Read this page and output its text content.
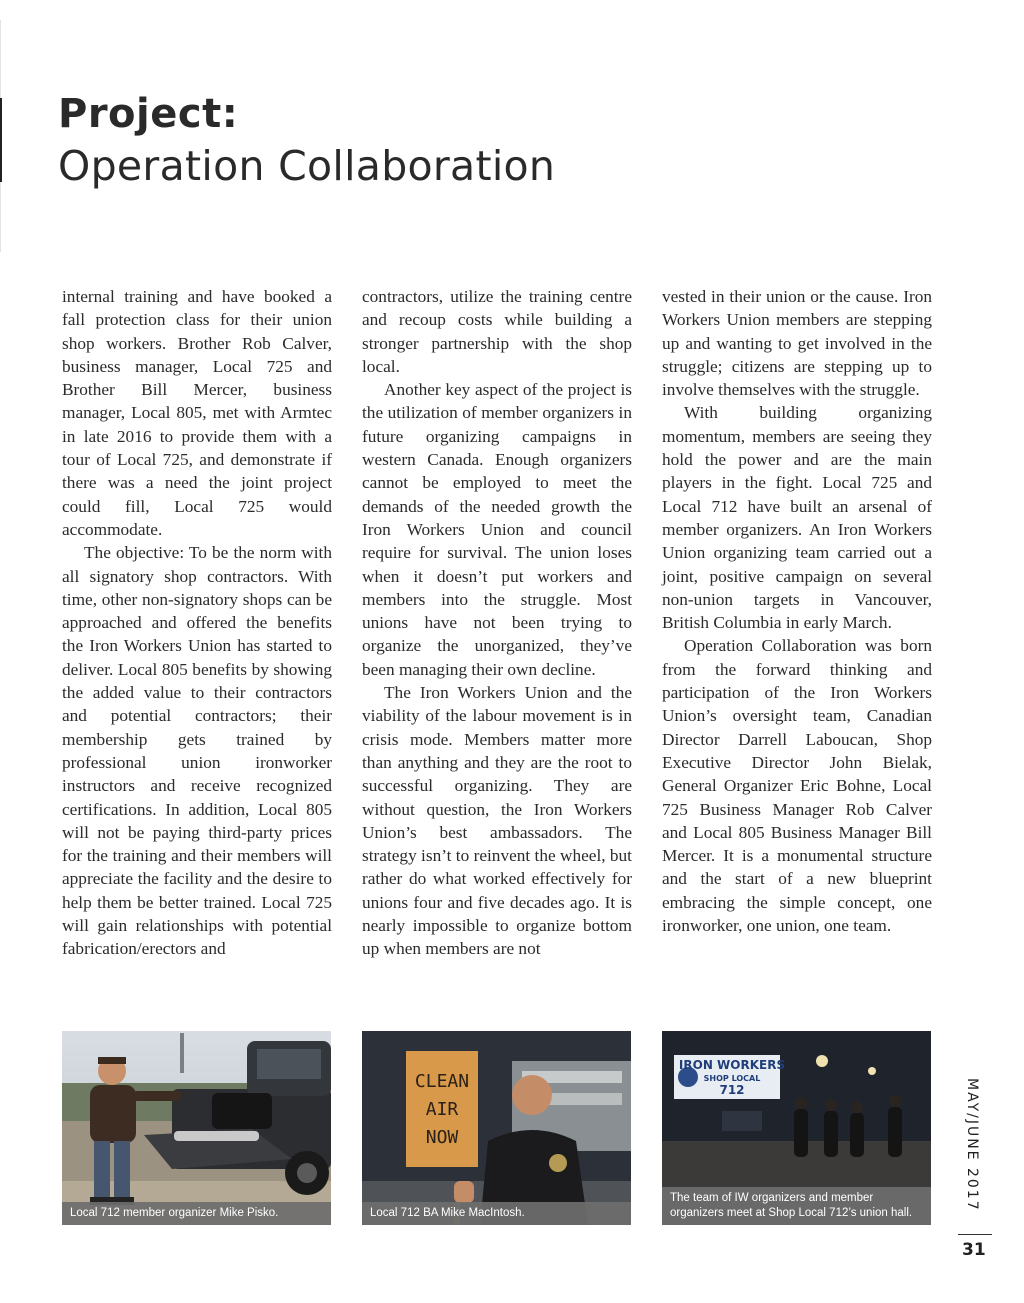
Project:
Operation Collaboration

internal training and have booked a fall protection class for their union shop workers. Brother Rob Calver, business manager, Local 725 and Brother Bill Mercer, business manager, Local 805, met with Armtec in late 2016 to provide them with a tour of Local 725, and demonstrate if there was a need the joint project could fill, Local 725 would accommodate.

The objective: To be the norm with all signatory shop contractors. With time, other non-signatory shops can be approached and offered the benefits the Iron Workers Union has started to deliver. Local 805 benefits by showing the added value to their contractors and potential contractors; their membership gets trained by professional union ironworker instructors and receive recognized certifications. In addition, Local 805 will not be paying third-party prices for the training and their members will appreciate the facility and the desire to help them be better trained. Local 725 will gain relationships with potential fabrication/erectors and

contractors, utilize the training centre and recoup costs while building a stronger partnership with the shop local.

Another key aspect of the project is the utilization of member organizers in future organizing campaigns in western Canada. Enough organizers cannot be employed to meet the demands of the needed growth the Iron Workers Union and council require for survival. The union loses when it doesn’t put workers and members into the struggle. Most unions have not been trying to organize the unorganized, they’ve been managing their own decline.

The Iron Workers Union and the viability of the labour movement is in crisis mode. Members matter more than anything and they are the root to successful organizing. They are without question, the Iron Workers Union’s best ambassadors. The strategy isn’t to reinvent the wheel, but rather do what worked effectively for unions four and five decades ago. It is nearly impossible to organize bottom up when members are not

vested in their union or the cause. Iron Workers Union members are stepping up and wanting to get involved in the struggle; citizens are stepping up to involve themselves with the struggle.

With building organizing momentum, members are seeing they hold the power and are the main players in the fight. Local 725 and Local 712 have built an arsenal of member organizers. An Iron Workers Union organizing team carried out a joint, positive campaign on several non-union targets in Vancouver, British Columbia in early March.

Operation Collaboration was born from the forward thinking and participation of the Iron Workers Union’s oversight team, Canadian Director Darrell Laboucan, Shop Executive Director John Bielak, General Organizer Eric Bohne, Local 725 Business Manager Rob Calver and Local 805 Business Manager Bill Mercer. It is a monumental structure and the start of a new blueprint embracing the simple concept, one ironworker, one union, one team.

Local 712 member organizer Mike Pisko.
CLEAN
AIR
NOW
Local 712 BA Mike MacIntosh.
IRON WORKERS
SHOP LOCAL
712
The team of IW organizers and member organizers meet at Shop Local 712’s union hall.
MAY/JUNE 2017
31
